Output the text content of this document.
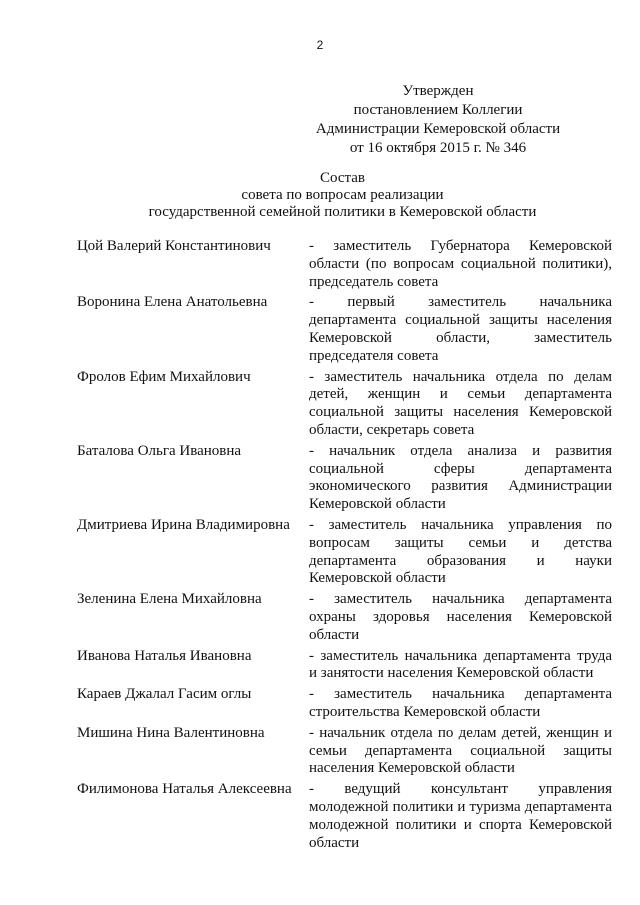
2
Утвержден
постановлением Коллегии
Администрации Кемеровской области
от 16 октября 2015 г. № 346
Состав
совета по вопросам реализации
государственной семейной политики в Кемеровской области
Цой Валерий Константинович	- заместитель Губернатора Кемеровской области (по вопросам социальной политики), председатель совета
Воронина Елена Анатольевна	- первый заместитель начальника департамента социальной защиты населения Кемеровской области, заместитель председателя совета
Фролов Ефим Михайлович	- заместитель начальника отдела по делам детей, женщин и семьи департамента социальной защиты населения Кемеровской области, секретарь совета
Баталова Ольга Ивановна	- начальник отдела анализа и развития социальной сферы департамента экономического развития Администрации Кемеровской области
Дмитриева Ирина Владимировна	- заместитель начальника управления по вопросам защиты семьи и детства департамента образования и науки Кемеровской области
Зеленина Елена Михайловна	- заместитель начальника департамента охраны здоровья населения Кемеровской области
Иванова Наталья Ивановна	- заместитель начальника департамента труда и занятости населения Кемеровской области
Караев Джалал Гасим оглы	- заместитель начальника департамента строительства Кемеровской области
Мишина Нина Валентиновна	- начальник отдела по делам детей, женщин и семьи департамента социальной защиты населения Кемеровской области
Филимонова Наталья Алексеевна	- ведущий консультант управления молодежной политики и туризма департамента молодежной политики и спорта Кемеровской области
